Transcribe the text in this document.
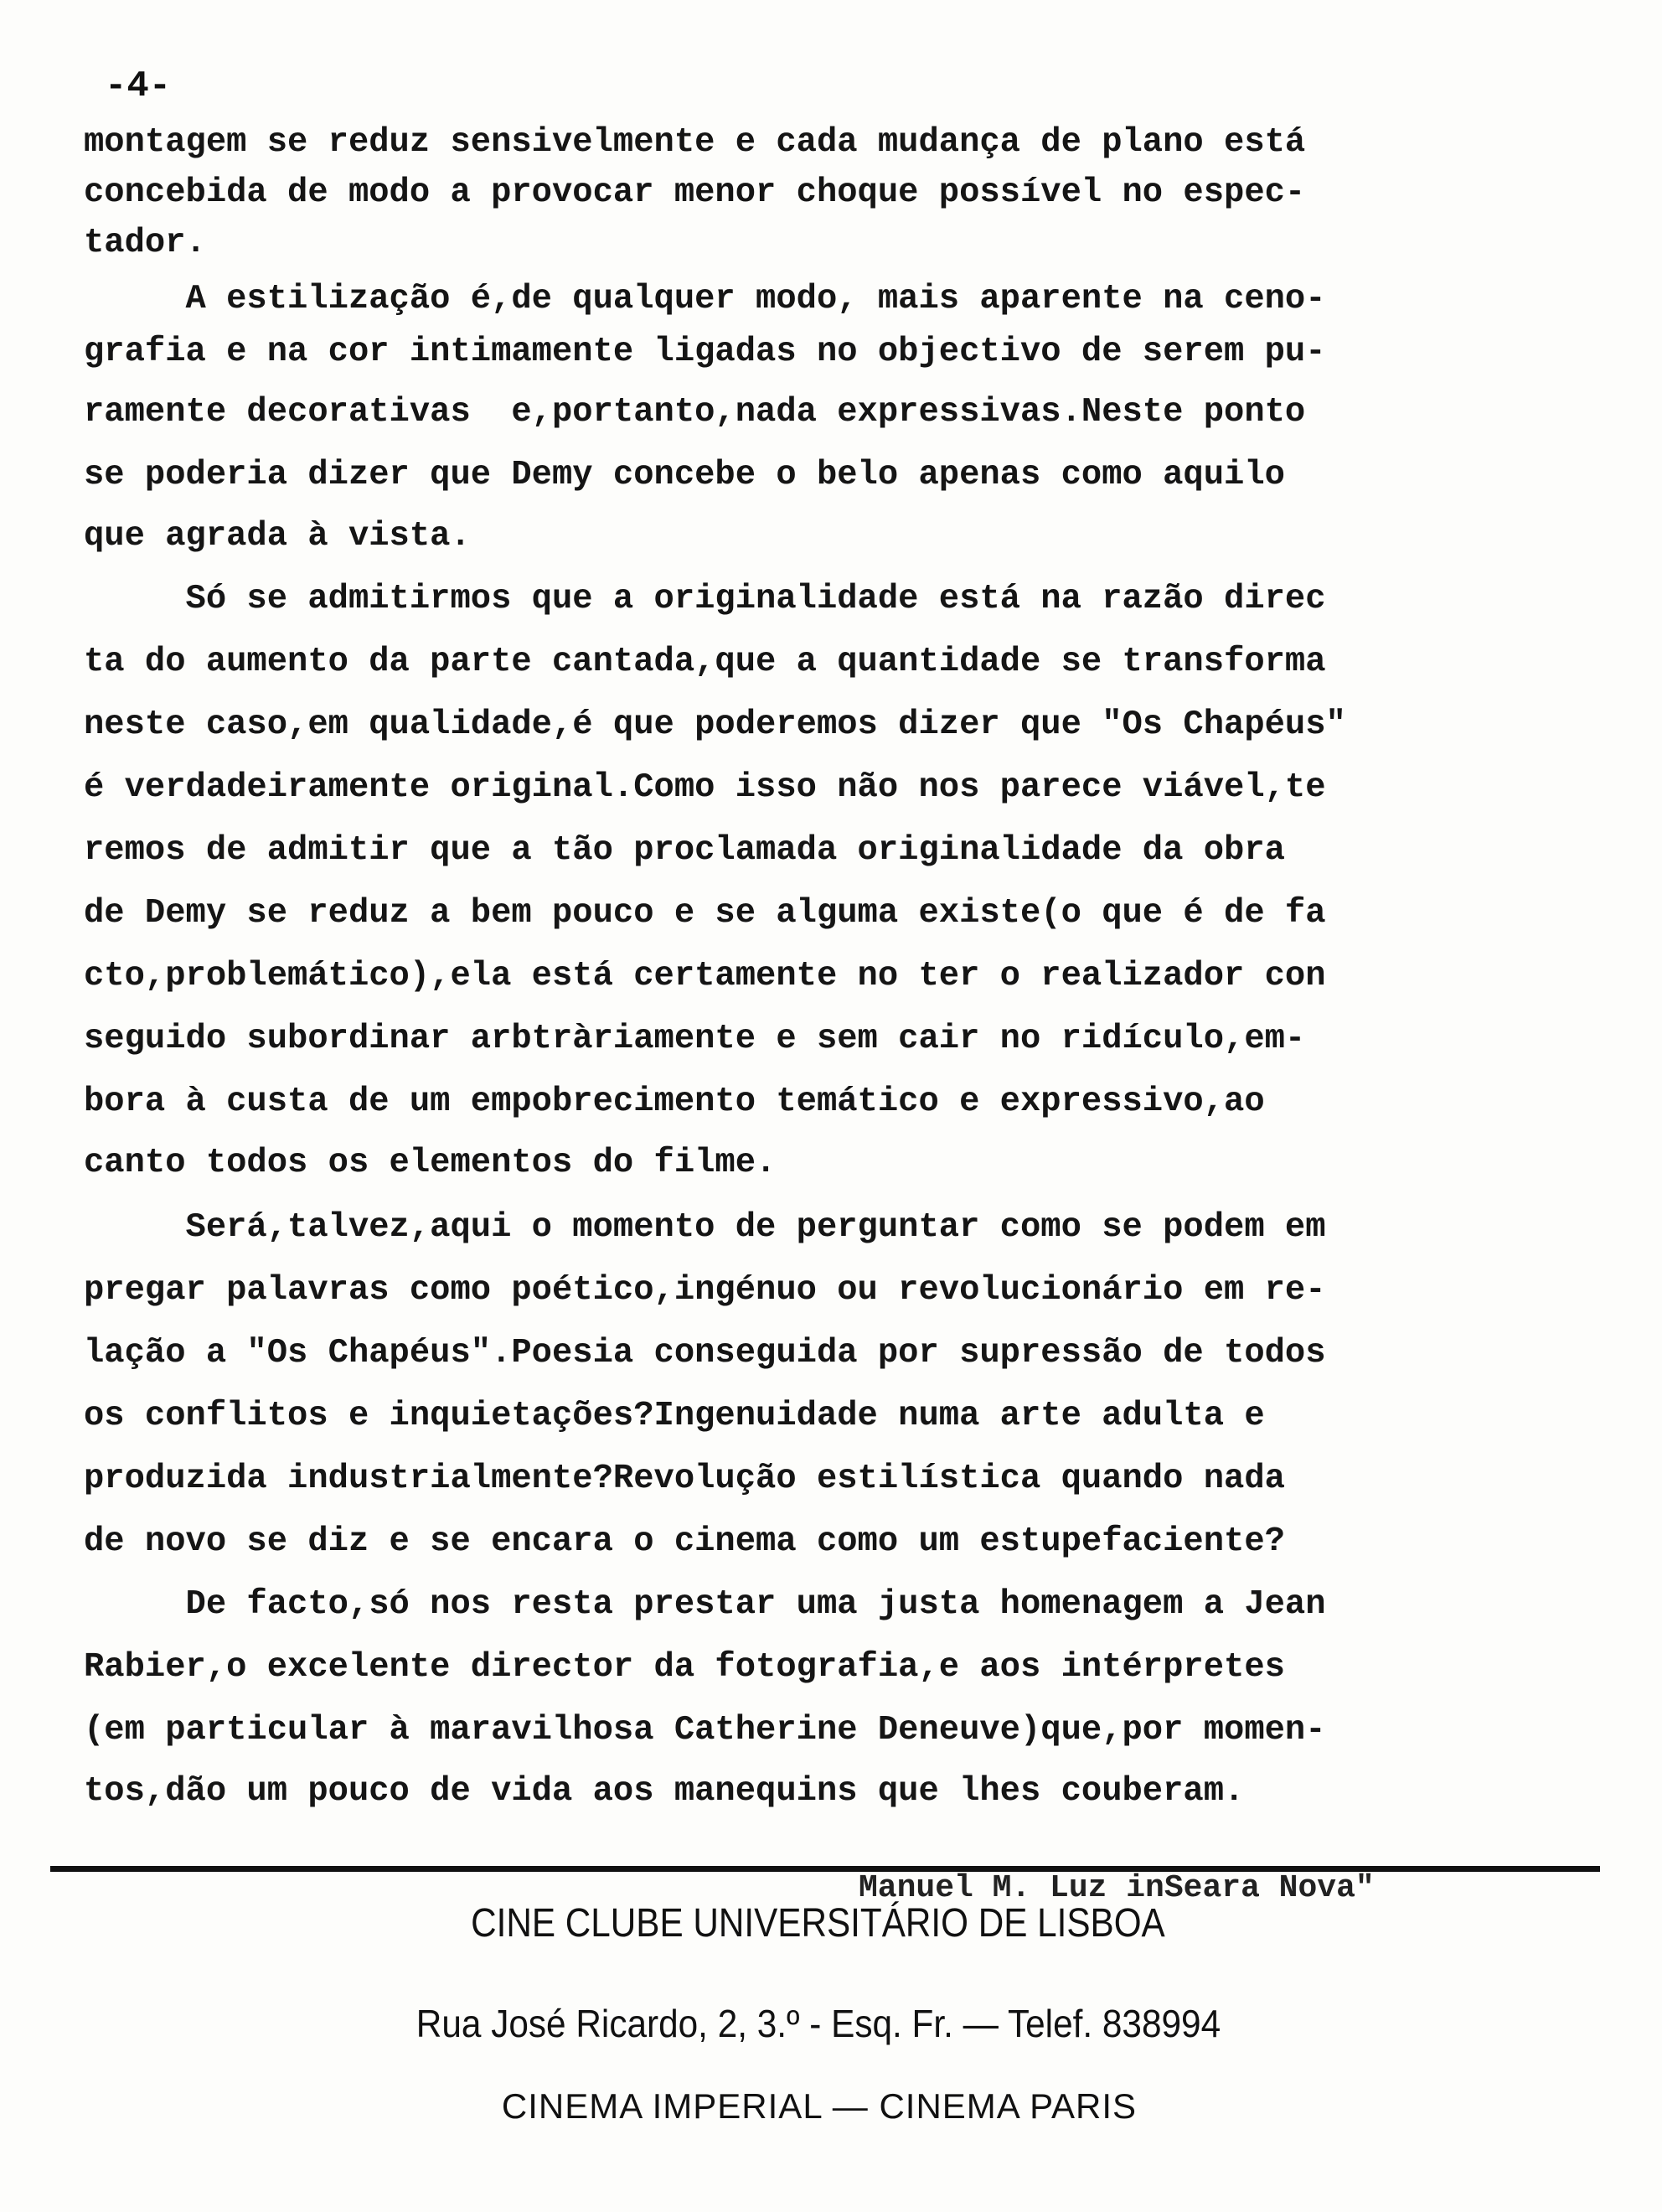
-4-
montagem se reduz sensivelmente e cada mudança de plano está
concebida de modo a provocar menor choque possível no espec-
tador.
A estilização é,de qualquer modo, mais aparente na ceno-
grafia e na cor intimamente ligadas no objectivo de serem pu-
ramente decorativas  e,portanto,nada expressivas.Neste ponto
se poderia dizer que Demy concebe o belo apenas como aquilo
que agrada à vista.
Só se admitirmos que a originalidade está na razão direc
ta do aumento da parte cantada,que a quantidade se transforma
neste caso,em qualidade,é que poderemos dizer que "Os Chapéus"
é verdadeiramente original.Como isso não nos parece viável,te
remos de admitir que a tão proclamada originalidade da obra
de Demy se reduz a bem pouco e se alguma existe(o que é de fa
cto,problemático),ela está certamente no ter o realizador con
seguido subordinar arbtràriamente e sem cair no ridículo,em-
bora à custa de um empobrecimento temático e expressivo,ao
canto todos os elementos do filme.
Será,talvez,aqui o momento de perguntar como se podem em
pregar palavras como poético,ingénuo ou revolucionário em re-
lação a "Os Chapéus".Poesia conseguida por supressão de todos
os conflitos e inquietações?Ingenuidade numa arte adulta e
produzida industrialmente?Revolução estilística quando nada
de novo se diz e se encara o cinema como um estupefaciente?
De facto,só nos resta prestar uma justa homenagem a Jean
Rabier,o excelente director da fotografia,e aos intérpretes
(em particular à maravilhosa Catherine Deneuve)que,por momen-
tos,dão um pouco de vida aos manequins que lhes couberam.
Manuel M. Luz inSeara Nova"
CINE CLUBE UNIVERSITÁRIO DE LISBOA
Rua José Ricardo, 2, 3.º - Esq. Fr. — Telef. 838994
CINEMA IMPERIAL — CINEMA PARIS
